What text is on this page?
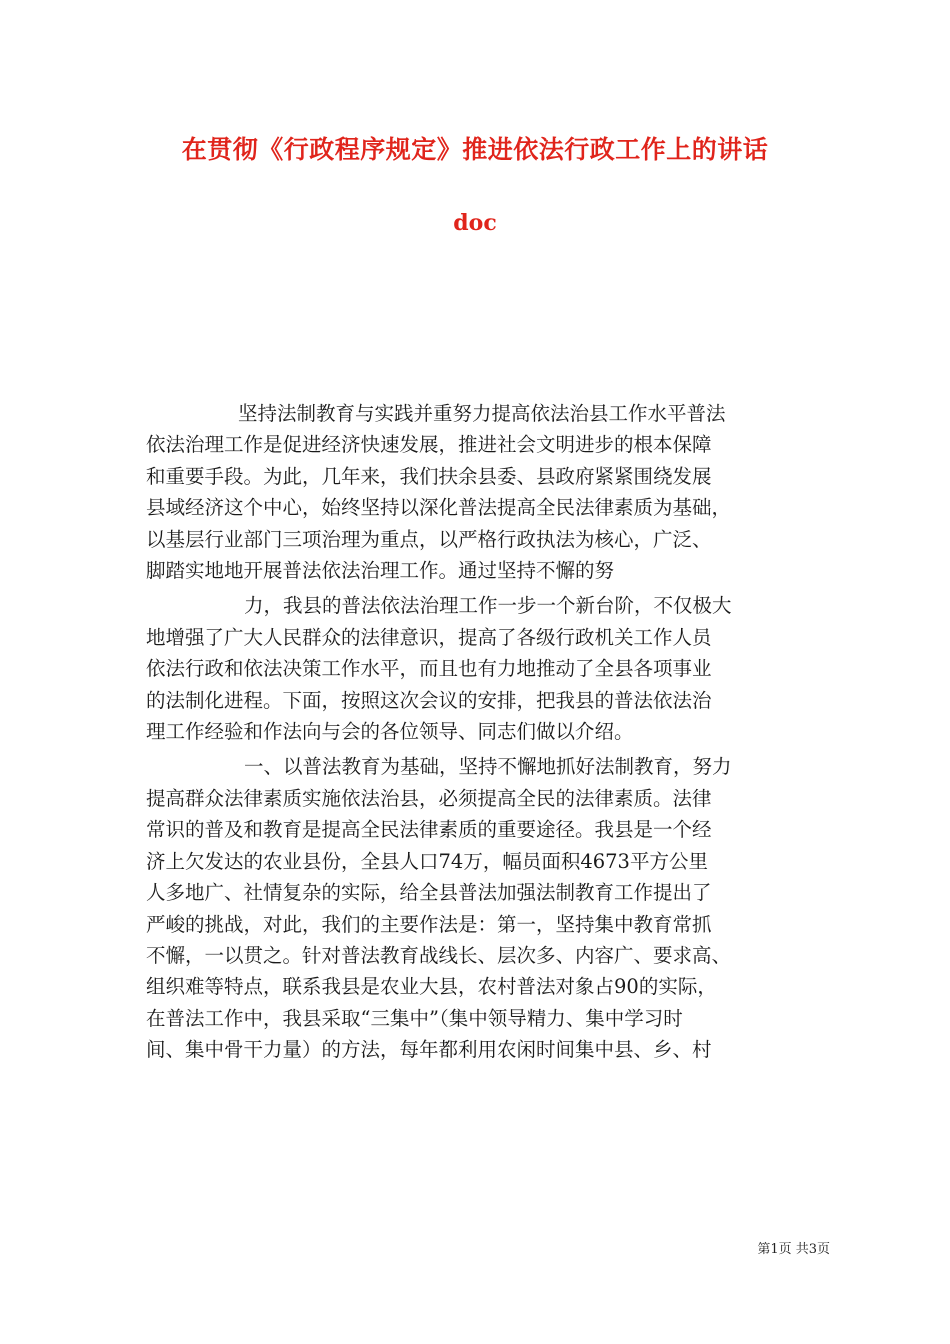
在贯彻《行政程序规定》推进依法行政工作上的讲话
doc
坚持法制教育与实践并重努力提高依法治县工作水平普法
依法治理工作是促进经济快速发展，推进社会文明进步的根本保障
和重要手段。为此，几年来，我们扶余县委、县政府紧紧围绕发展
县域经济这个中心，始终坚持以深化普法提高全民法律素质为基础，
以基层行业部门三项治理为重点，以严格行政执法为核心，广泛、
脚踏实地地开展普法依法治理工作。通过坚持不懈的努
力，我县的普法依法治理工作一步一个新台阶，不仅极大
地增强了广大人民群众的法律意识，提高了各级行政机关工作人员
依法行政和依法决策工作水平，而且也有力地推动了全县各项事业
的法制化进程。下面，按照这次会议的安排，把我县的普法依法治
理工作经验和作法向与会的各位领导、同志们做以介绍。
一、以普法教育为基础，坚持不懈地抓好法制教育，努力
提高群众法律素质实施依法治县，必须提高全民的法律素质。法律
常识的普及和教育是提高全民法律素质的重要途径。我县是一个经
济上欠发达的农业县份，全县人口74万，幅员面积4673平方公里
人多地广、社情复杂的实际，给全县普法加强法制教育工作提出了
严峻的挑战，对此，我们的主要作法是：第一，坚持集中教育常抓
不懈，一以贯之。针对普法教育战线长、层次多、内容广、要求高、
组织难等特点，联系我县是农业大县，农村普法对象占90的实际，
在普法工作中，我县采取“三集中”（集中领导精力、集中学习时
间、集中骨干力量）的方法，每年都利用农闲时间集中县、乡、村
第1页 共3页
